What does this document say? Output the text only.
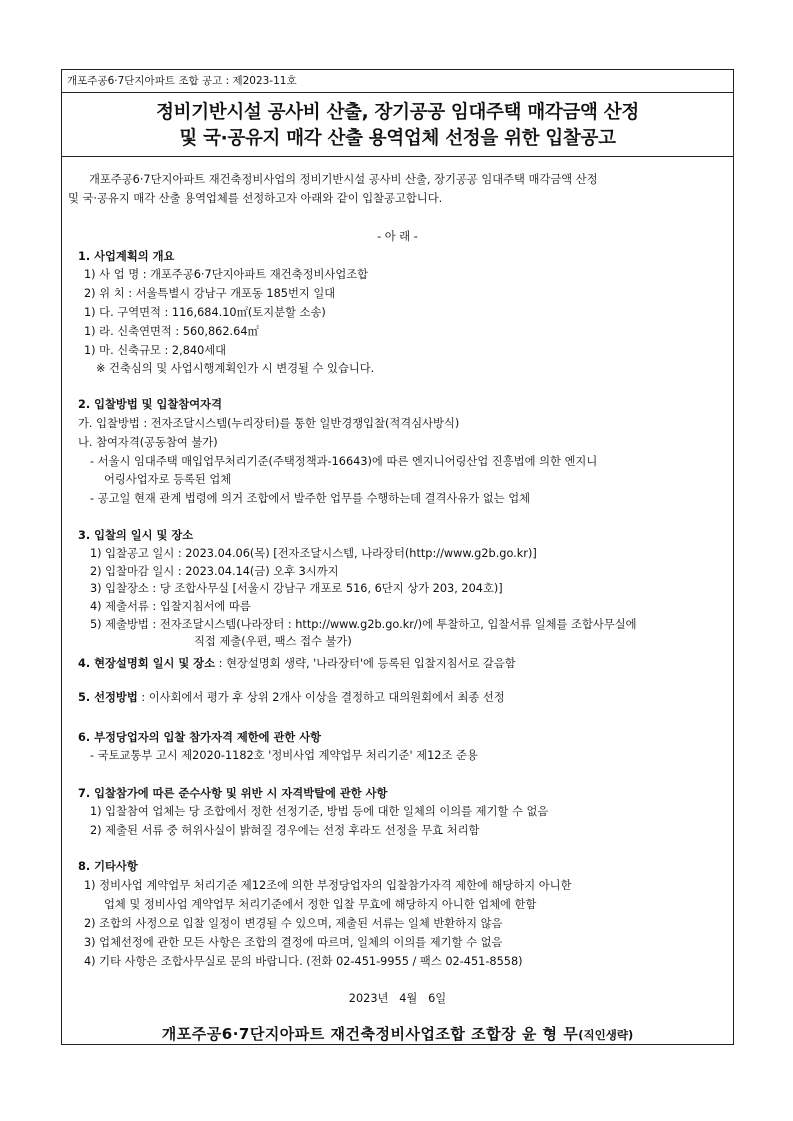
개포주공6·7단지아파트 조합 공고 : 제2023-11호
정비기반시설 공사비 산출, 장기공공 임대주택 매각금액 산정
및 국·공유지 매각 산출 용역업체 선정을 위한 입찰공고
개포주공6·7단지아파트 재건축정비사업의 정비기반시설 공사비 산출, 장기공공 임대주택 매각금액 산정
및 국·공유지 매각 산출 용역업체를 선정하고자 아래와 같이 입찰공고합니다.
- 아 래 -
1. 사업계획의 개요
1) 사 업 명 : 개포주공6·7단지아파트 재건축정비사업조합
2) 위 치 : 서울특별시 강남구 개포동 185번지 일대
1) 다. 구역면적 : 116,684.10㎡(토지분할 소송)
1) 라. 신축연면적 : 560,862.64㎡
1) 마. 신축규모 : 2,840세대
※ 건축심의 및 사업시행계획인가 시 변경될 수 있습니다.
2. 입찰방법 및 입찰참여자격
가. 입찰방법 : 전자조달시스템(누리장터)를 통한 일반경쟁입찰(적격심사방식)
나. 참여자격(공동참여 불가)
- 서울시 임대주택 매입업무처리기준(주택정책과-16643)에 따른 엔지니어링산업 진흥법에 의한 엔지니
어링사업자로 등록된 업체
- 공고일 현재 관계 법령에 의거 조합에서 발주한 업무를 수행하는데 결격사유가 없는 업체
3. 입찰의 일시 및 장소
1) 입찰공고 일시 : 2023.04.06(목) [전자조달시스템, 나라장터(http://www.g2b.go.kr)]
2) 입찰마감 일시 : 2023.04.14(금) 오후 3시까지
3) 입찰장소 : 당 조합사무실 [서울시 강남구 개포로 516, 6단지 상가 203, 204호)]
4) 제출서류 : 입찰지침서에 따름
5) 제출방법 : 전자조달시스템(나라장터 : http://www.g2b.go.kr/)에 투찰하고, 입찰서류 일체를 조합사무실에
직접 제출(우편, 팩스 접수 불가)
4. 현장설명회 일시 및 장소 : 현장설명회 생략, '나라장터'에 등록된 입찰지침서로 갈음함
5. 선정방법 : 이사회에서 평가 후 상위 2개사 이상을 결정하고 대의원회에서 최종 선정
6. 부정당업자의 입찰 참가자격 제한에 관한 사항
- 국토교통부 고시 제2020-1182호 '정비사업 계약업무 처리기준' 제12조 준용
7. 입찰참가에 따른 준수사항 및 위반 시 자격박탈에 관한 사항
1) 입찰참여 업체는 당 조합에서 정한 선정기준, 방법 등에 대한 일체의 이의를 제기할 수 없음
2) 제출된 서류 중 허위사실이 밝혀질 경우에는 선정 후라도 선정을 무효 처리함
8. 기타사항
1) 정비사업 계약업무 처리기준 제12조에 의한 부정당업자의 입찰참가자격 제한에 해당하지 아니한
업체 및 정비사업 계약업무 처리기준에서 정한 입찰 무효에 해당하지 아니한 업체에 한함
2) 조합의 사정으로 입찰 일정이 변경될 수 있으며, 제출된 서류는 일체 반환하지 않음
3) 업체선정에 관한 모든 사항은 조합의 결정에 따르며, 일체의 이의를 제기할 수 없음
4) 기타 사항은 조합사무실로 문의 바랍니다. (전화 02-451-9955 / 팩스 02-451-8558)
2023년   4월   6일
개포주공6·7단지아파트 재건축정비사업조합 조합장 윤 형 무(직인생략)
